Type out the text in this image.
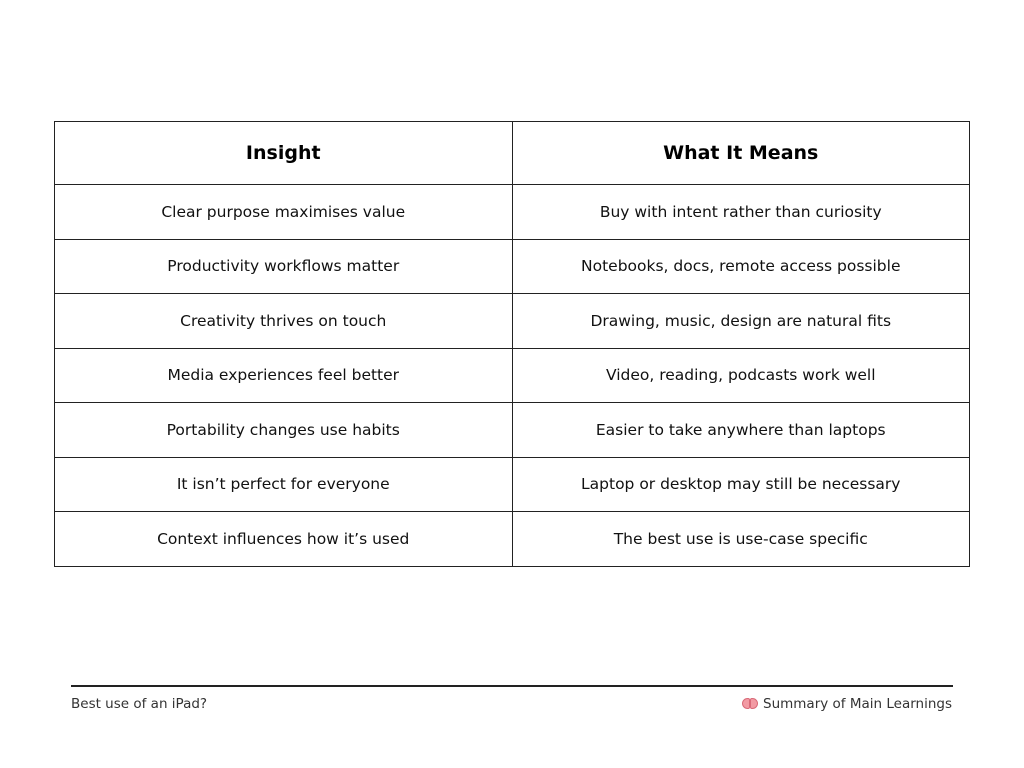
Insight	What It Means
Clear purpose maximises value	Buy with intent rather than curiosity
Productivity workflows matter	Notebooks, docs, remote access possible
Creativity thrives on touch	Drawing, music, design are natural fits
Media experiences feel better	Video, reading, podcasts work well
Portability changes use habits	Easier to take anywhere than laptops
It isn’t perfect for everyone	Laptop or desktop may still be necessary
Context influences how it’s used	The best use is use-case specific
Best use of an iPad?	Summary of Main Learnings
